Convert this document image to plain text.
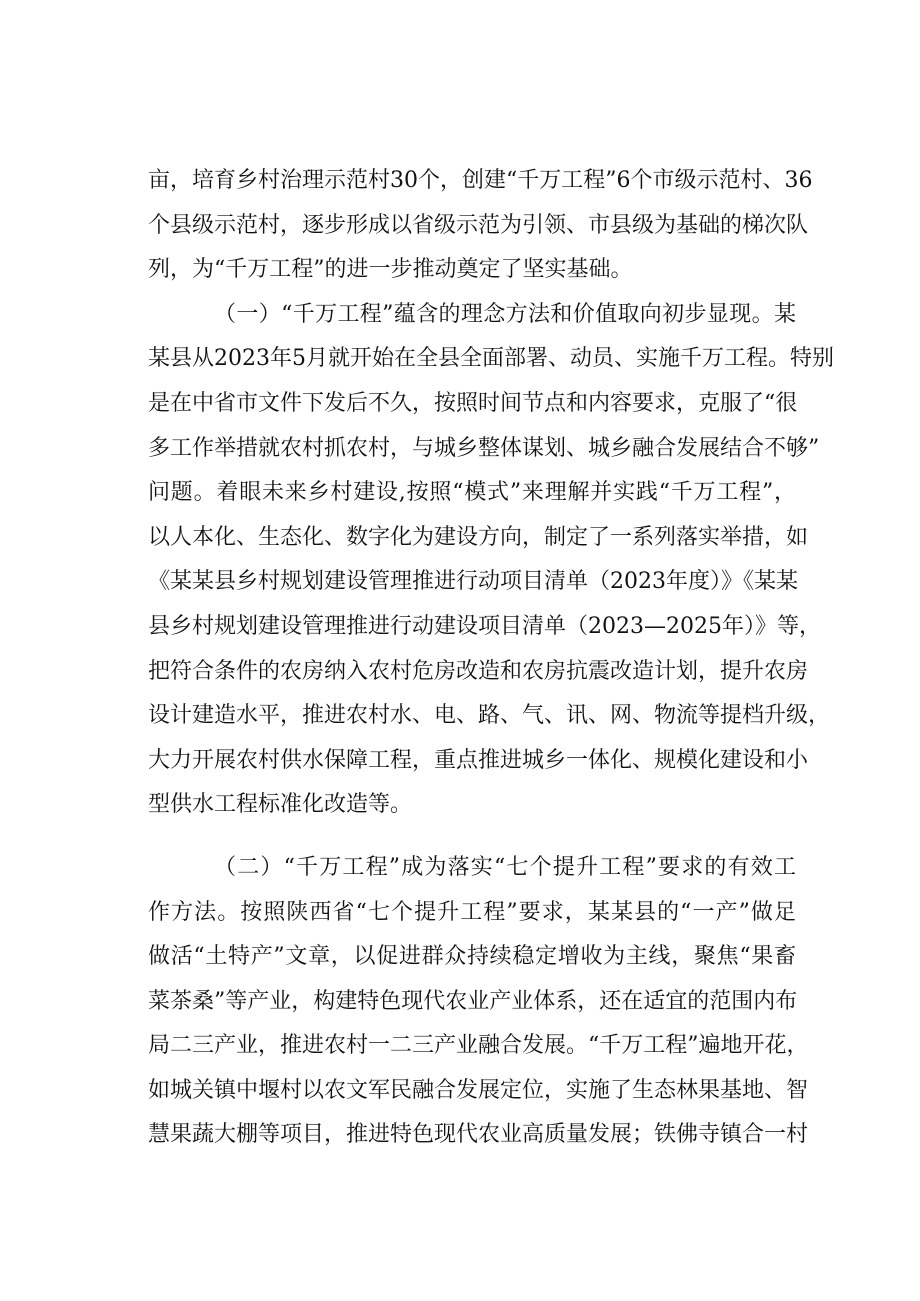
亩，培育乡村治理示范村30个，创建“千万工程”6个市级示范村、36
个县级示范村，逐步形成以省级示范为引领、市县级为基础的梯次队
列，为“千万工程”的进一步推动奠定了坚实基础。
（一）“千万工程”蕴含的理念方法和价值取向初步显现。某
某县从2023年5月就开始在全县全面部署、动员、实施千万工程。特别
是在中省市文件下发后不久，按照时间节点和内容要求，克服了“很
多工作举措就农村抓农村，与城乡整体谋划、城乡融合发展结合不够”
问题。着眼未来乡村建设,按照“模式”来理解并实践“千万工程”，
以人本化、生态化、数字化为建设方向，制定了一系列落实举措，如
《某某县乡村规划建设管理推进行动项目清单（2023年度）》《某某
县乡村规划建设管理推进行动建设项目清单（2023—2025年）》等，
把符合条件的农房纳入农村危房改造和农房抗震改造计划，提升农房
设计建造水平，推进农村水、电、路、气、讯、网、物流等提档升级，
大力开展农村供水保障工程，重点推进城乡一体化、规模化建设和小
型供水工程标准化改造等。
（二）“千万工程”成为落实“七个提升工程”要求的有效工
作方法。按照陕西省“七个提升工程”要求，某某县的“一产”做足
做活“土特产”文章，以促进群众持续稳定增收为主线，聚焦“果畜
菜茶桑”等产业，构建特色现代农业产业体系，还在适宜的范围内布
局二三产业，推进农村一二三产业融合发展。“千万工程”遍地开花，
如城关镇中堰村以农文军民融合发展定位，实施了生态林果基地、智
慧果蔬大棚等项目，推进特色现代农业高质量发展；铁佛寺镇合一村
